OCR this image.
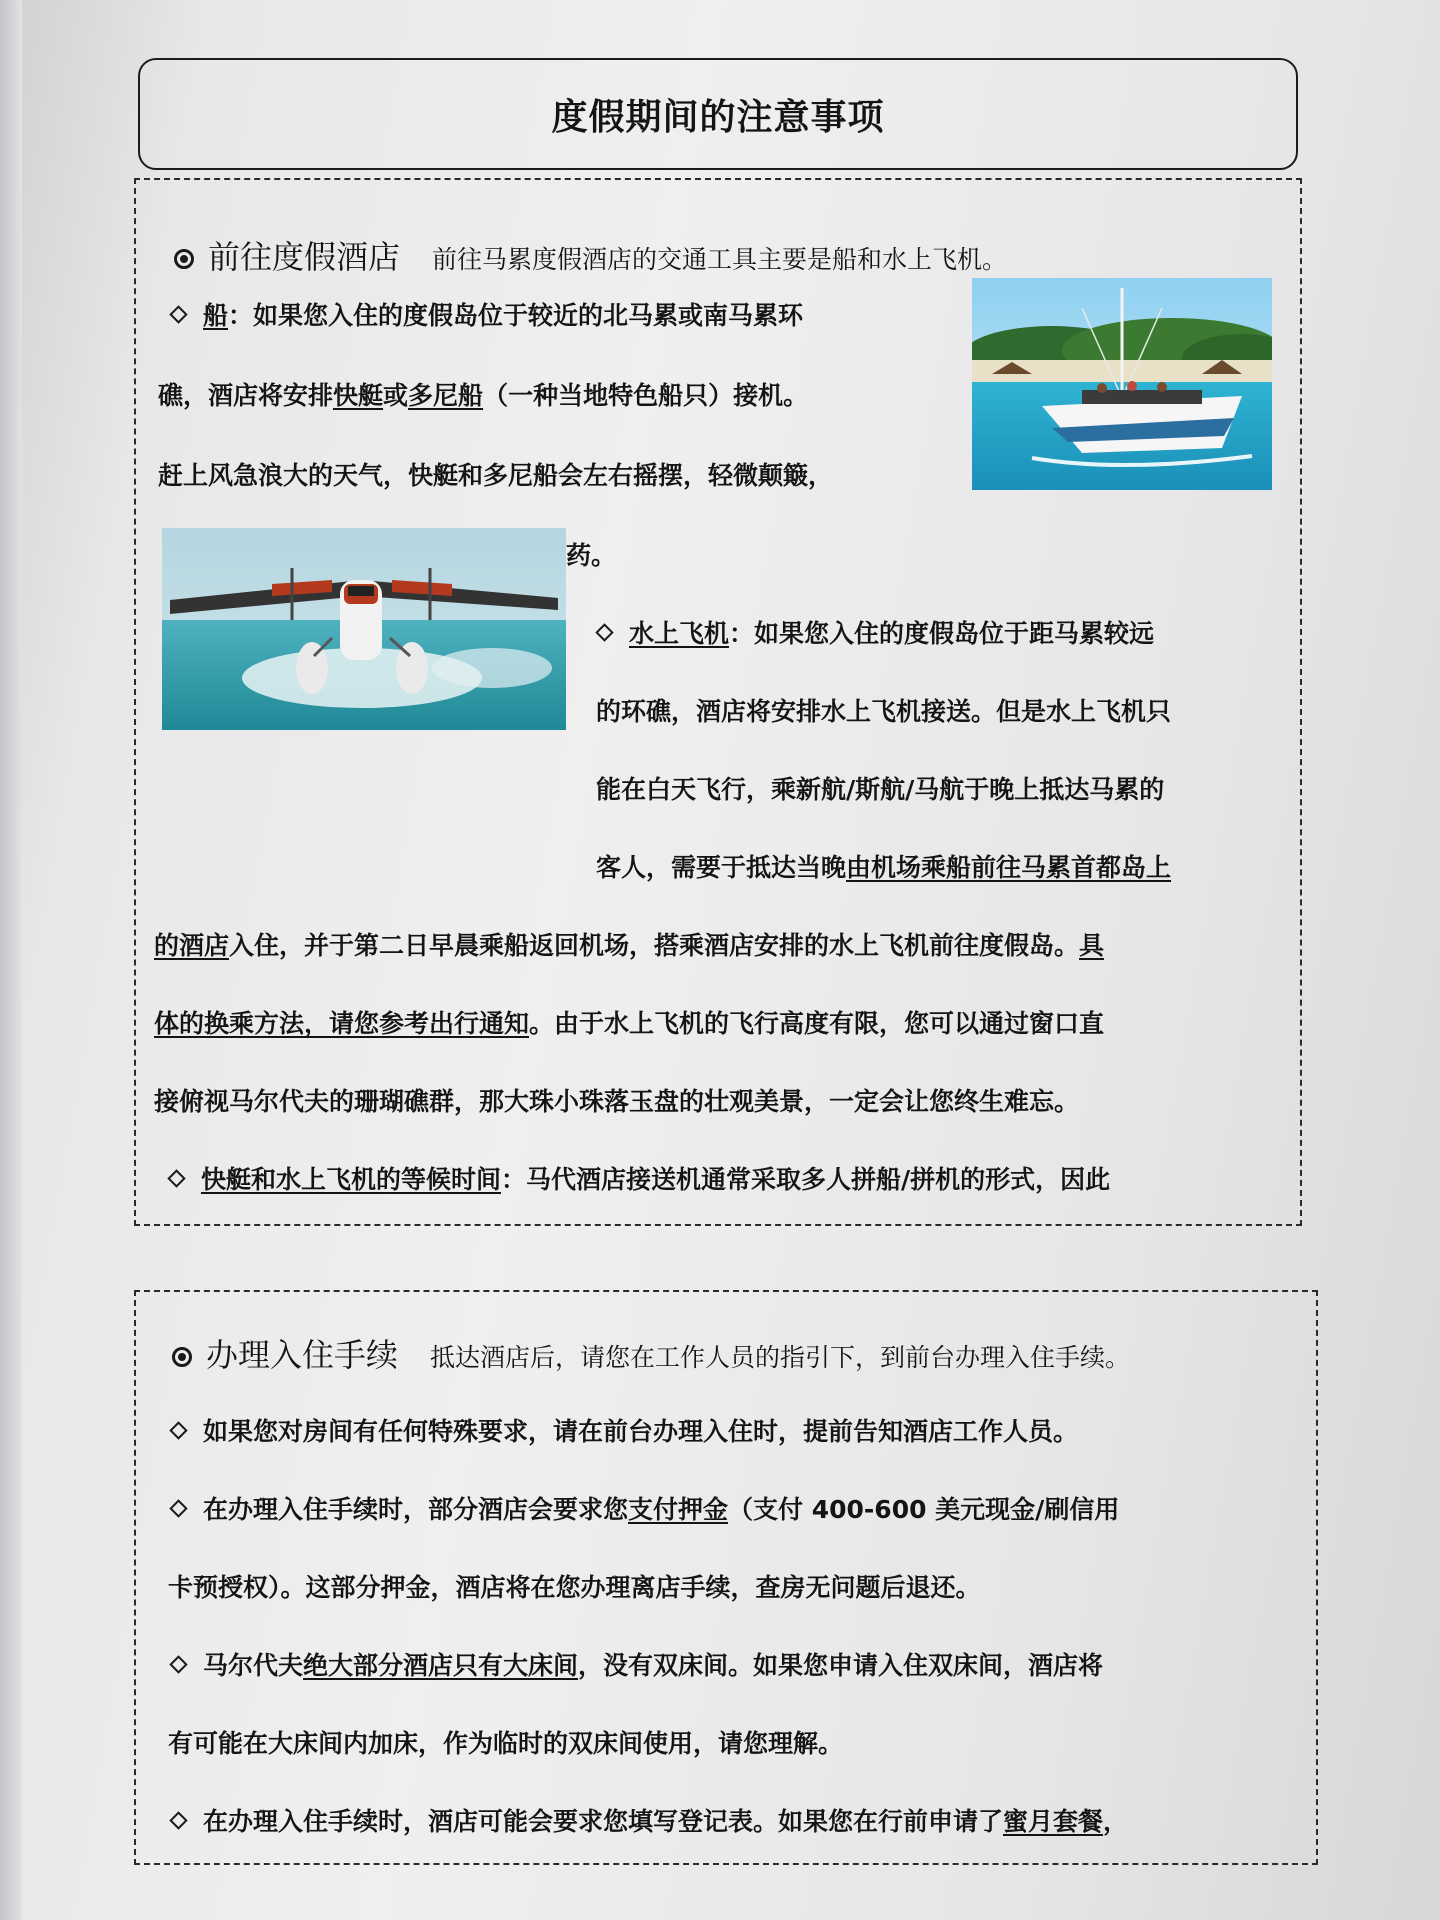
度假期间的注意事项
前往度假酒店 前往马累度假酒店的交通工具主要是船和水上飞机。
船：如果您入住的度假岛位于较近的北马累或南马累环
礁，酒店将安排快艇或多尼船（一种当地特色船只）接机。
赶上风急浪大的天气，快艇和多尼船会左右摇摆，轻微颠簸，
药。
水上飞机：如果您入住的度假岛位于距马累较远
的环礁，酒店将安排水上飞机接送。但是水上飞机只
能在白天飞行，乘新航/斯航/马航于晚上抵达马累的
客人，需要于抵达当晚由机场乘船前往马累首都岛上
的酒店入住，并于第二日早晨乘船返回机场，搭乘酒店安排的水上飞机前往度假岛。具
体的换乘方法，请您参考出行通知。由于水上飞机的飞行高度有限，您可以通过窗口直
接俯视马尔代夫的珊瑚礁群，那大珠小珠落玉盘的壮观美景，一定会让您终生难忘。
快艇和水上飞机的等候时间：马代酒店接送机通常采取多人拼船/拼机的形式，因此
办理入住手续 抵达酒店后，请您在工作人员的指引下，到前台办理入住手续。
如果您对房间有任何特殊要求，请在前台办理入住时，提前告知酒店工作人员。
在办理入住手续时，部分酒店会要求您支付押金（支付 400-600 美元现金/刷信用
卡预授权）。这部分押金，酒店将在您办理离店手续，查房无问题后退还。
马尔代夫绝大部分酒店只有大床间，没有双床间。如果您申请入住双床间，酒店将
有可能在大床间内加床，作为临时的双床间使用，请您理解。
在办理入住手续时，酒店可能会要求您填写登记表。如果您在行前申请了蜜月套餐，
